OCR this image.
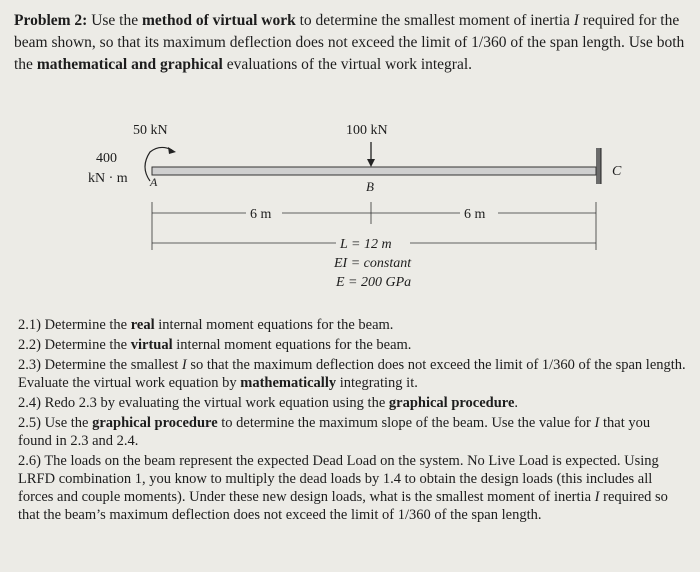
Problem 2: Use the method of virtual work to determine the smallest moment of inertia I required for the beam shown, so that its maximum deflection does not exceed the limit of 1/360 of the span length. Use both the mathematical and graphical evaluations of the virtual work integral.
400
kN · m A
50 kN	100 kN
B
C
6 m	6 m
L = 12 m
EI = constant
E = 200 GPa
2.1) Determine the real internal moment equations for the beam.
2.2) Determine the virtual internal moment equations for the beam.
2.3) Determine the smallest I so that the maximum deflection does not exceed the limit of 1/360 of the span length. Evaluate the virtual work equation by mathematically integrating it.
2.4) Redo 2.3 by evaluating the virtual work equation using the graphical procedure.
2.5) Use the graphical procedure to determine the maximum slope of the beam. Use the value for I that you found in 2.3 and 2.4.
2.6) The loads on the beam represent the expected Dead Load on the system. No Live Load is expected. Using LRFD combination 1, you know to multiply the dead loads by 1.4 to obtain the design loads (this includes all forces and couple moments). Under these new design loads, what is the smallest moment of inertia I required so that the beam’s maximum deflection does not exceed the limit of 1/360 of the span length.
